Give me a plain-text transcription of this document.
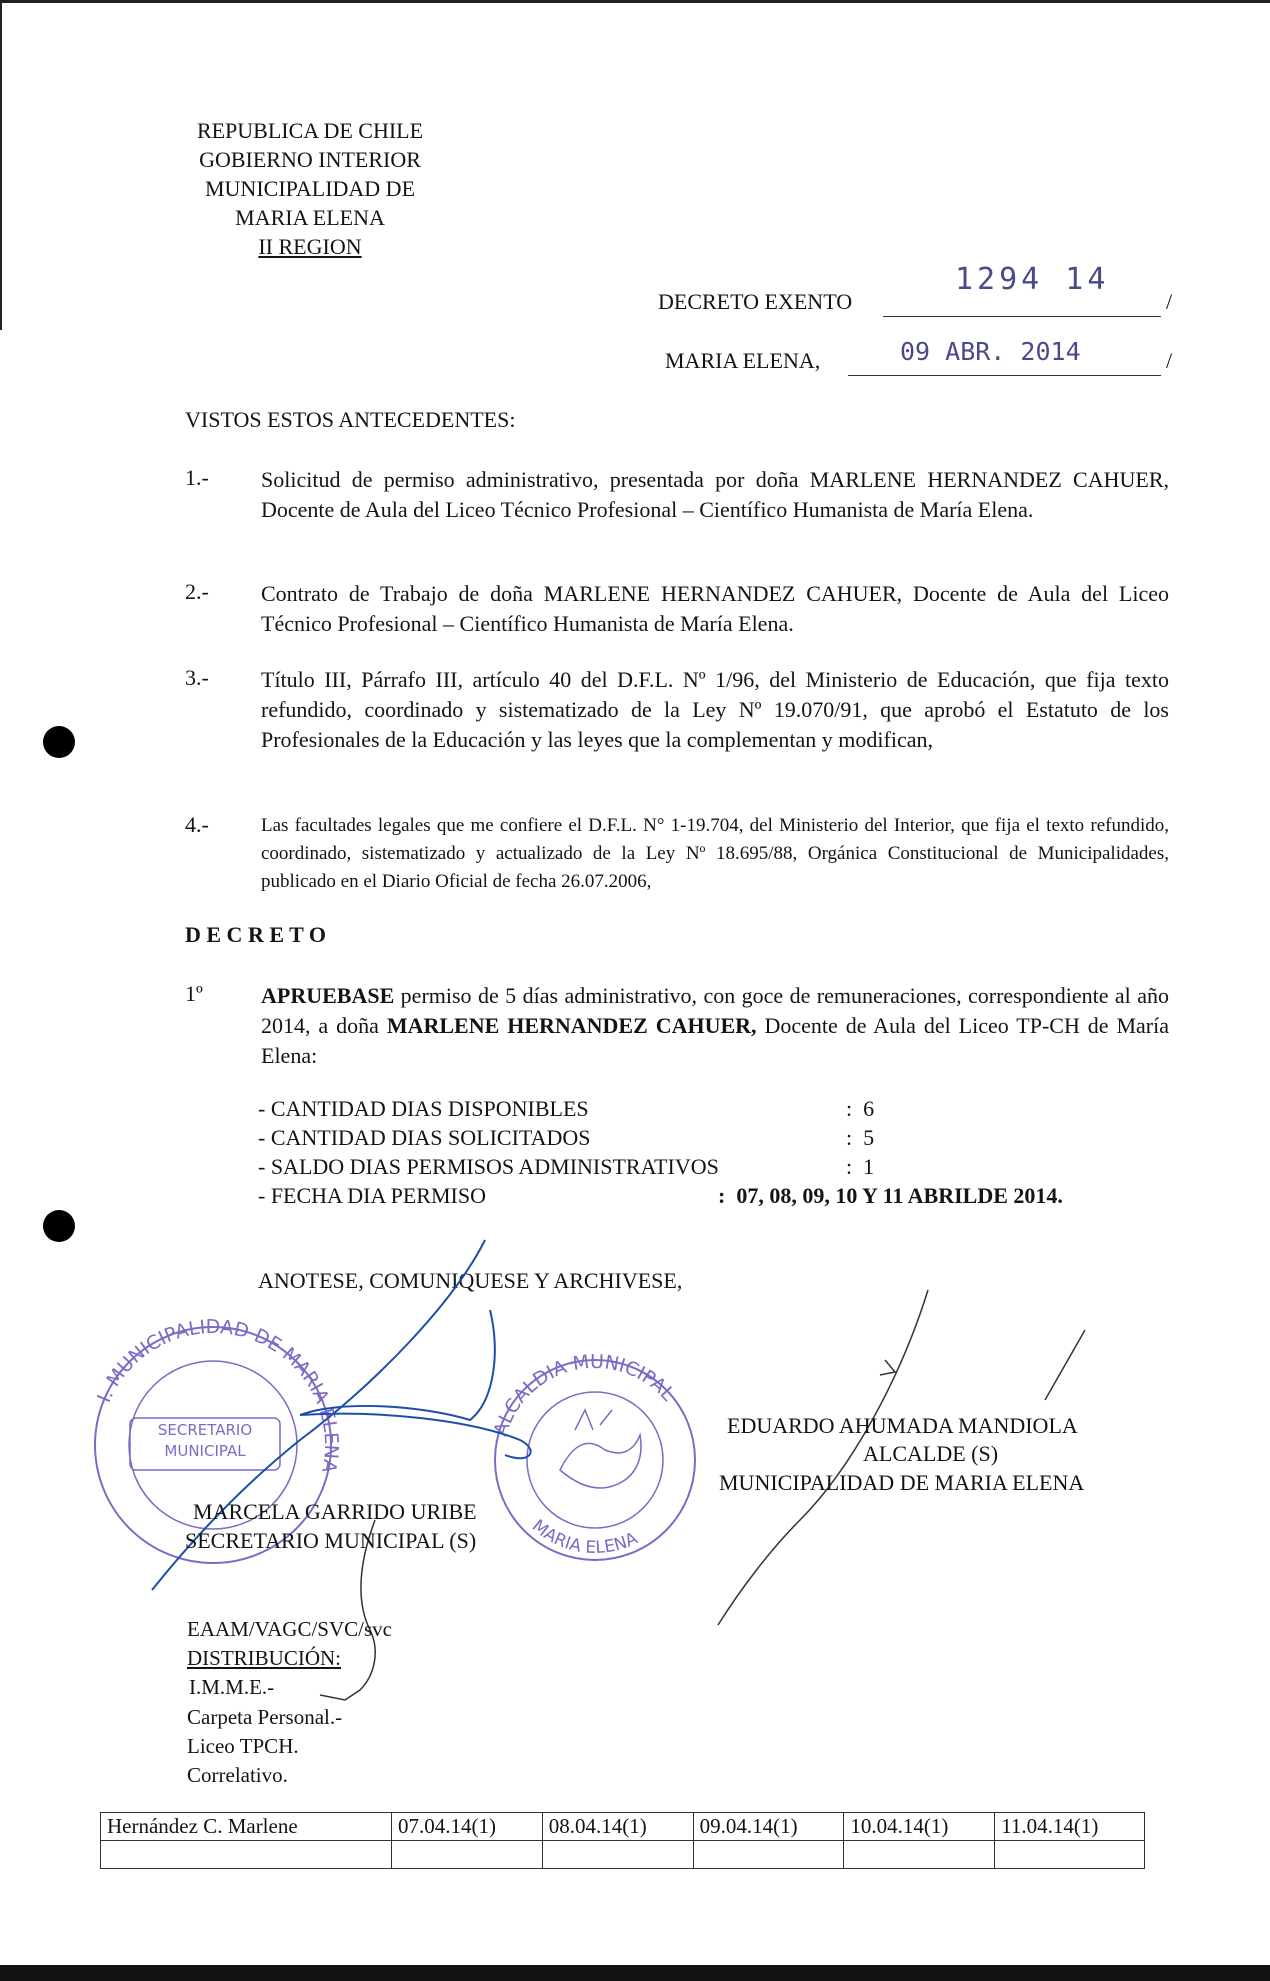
REPUBLICA DE CHILE
GOBIERNO INTERIOR
MUNICIPALIDAD DE
MARIA ELENA
II REGION
DECRETO EXENTO
1294 14
/
MARIA ELENA,	09 ABR. 2014	/
VISTOS ESTOS ANTECEDENTES:
1.- Solicitud de permiso administrativo, presentada por doña MARLENE HERNANDEZ CAHUER, Docente de Aula del Liceo Técnico Profesional – Científico Humanista de María Elena.
2.- Contrato de Trabajo de doña MARLENE HERNANDEZ CAHUER, Docente de Aula del Liceo Técnico Profesional – Científico Humanista de María Elena.
3.- Título III, Párrafo III, artículo 40 del D.F.L. Nº 1/96, del Ministerio de Educación, que fija texto refundido, coordinado y sistematizado de la Ley Nº 19.070/91, que aprobó el Estatuto de los Profesionales de la Educación y las leyes que la complementan y modifican,
4.-	Las facultades legales que me confiere el D.F.L. N° 1-19.704, del Ministerio del Interior, que fija el texto refundido, coordinado, sistematizado y actualizado de la Ley Nº 18.695/88, Orgánica Constitucional de Municipalidades, publicado en el Diario Oficial de fecha 26.07.2006,
D E C R E T O
1º	APRUEBASE permiso de 5 días administrativo, con goce de remuneraciones, correspondiente al año 2014, a doña MARLENE HERNANDEZ CAHUER, Docente de Aula del Liceo TP-CH de María Elena:
- CANTIDAD DIAS DISPONIBLES	:  6
- CANTIDAD DIAS SOLICITADOS	:  5
- SALDO DIAS PERMISOS ADMINISTRATIVOS	:  1
- FECHA DIA PERMISO	:  07, 08, 09, 10 Y 11 ABRILDE 2014.
ANOTESE, COMUNIQUESE Y ARCHIVESE,
I. MUNICIPALIDAD DE MARIA ELENA
SECRETARIO MUNICIPAL
ALCALDIA MUNICIPAL
MARIA ELENA
EDUARDO AHUMADA MANDIOLA
ALCALDE (S)
MUNICIPALIDAD DE MARIA ELENA
MARCELA GARRIDO URIBE
SECRETARIO MUNICIPAL (S)
EAAM/VAGC/SVC/svc
DISTRIBUCIÓN:
I.M.M.E.-
Carpeta Personal.-
Liceo TPCH.
Correlativo.
Hernández C. Marlene	07.04.14(1)	08.04.14(1)	09.04.14(1)	10.04.14(1)	11.04.14(1)
